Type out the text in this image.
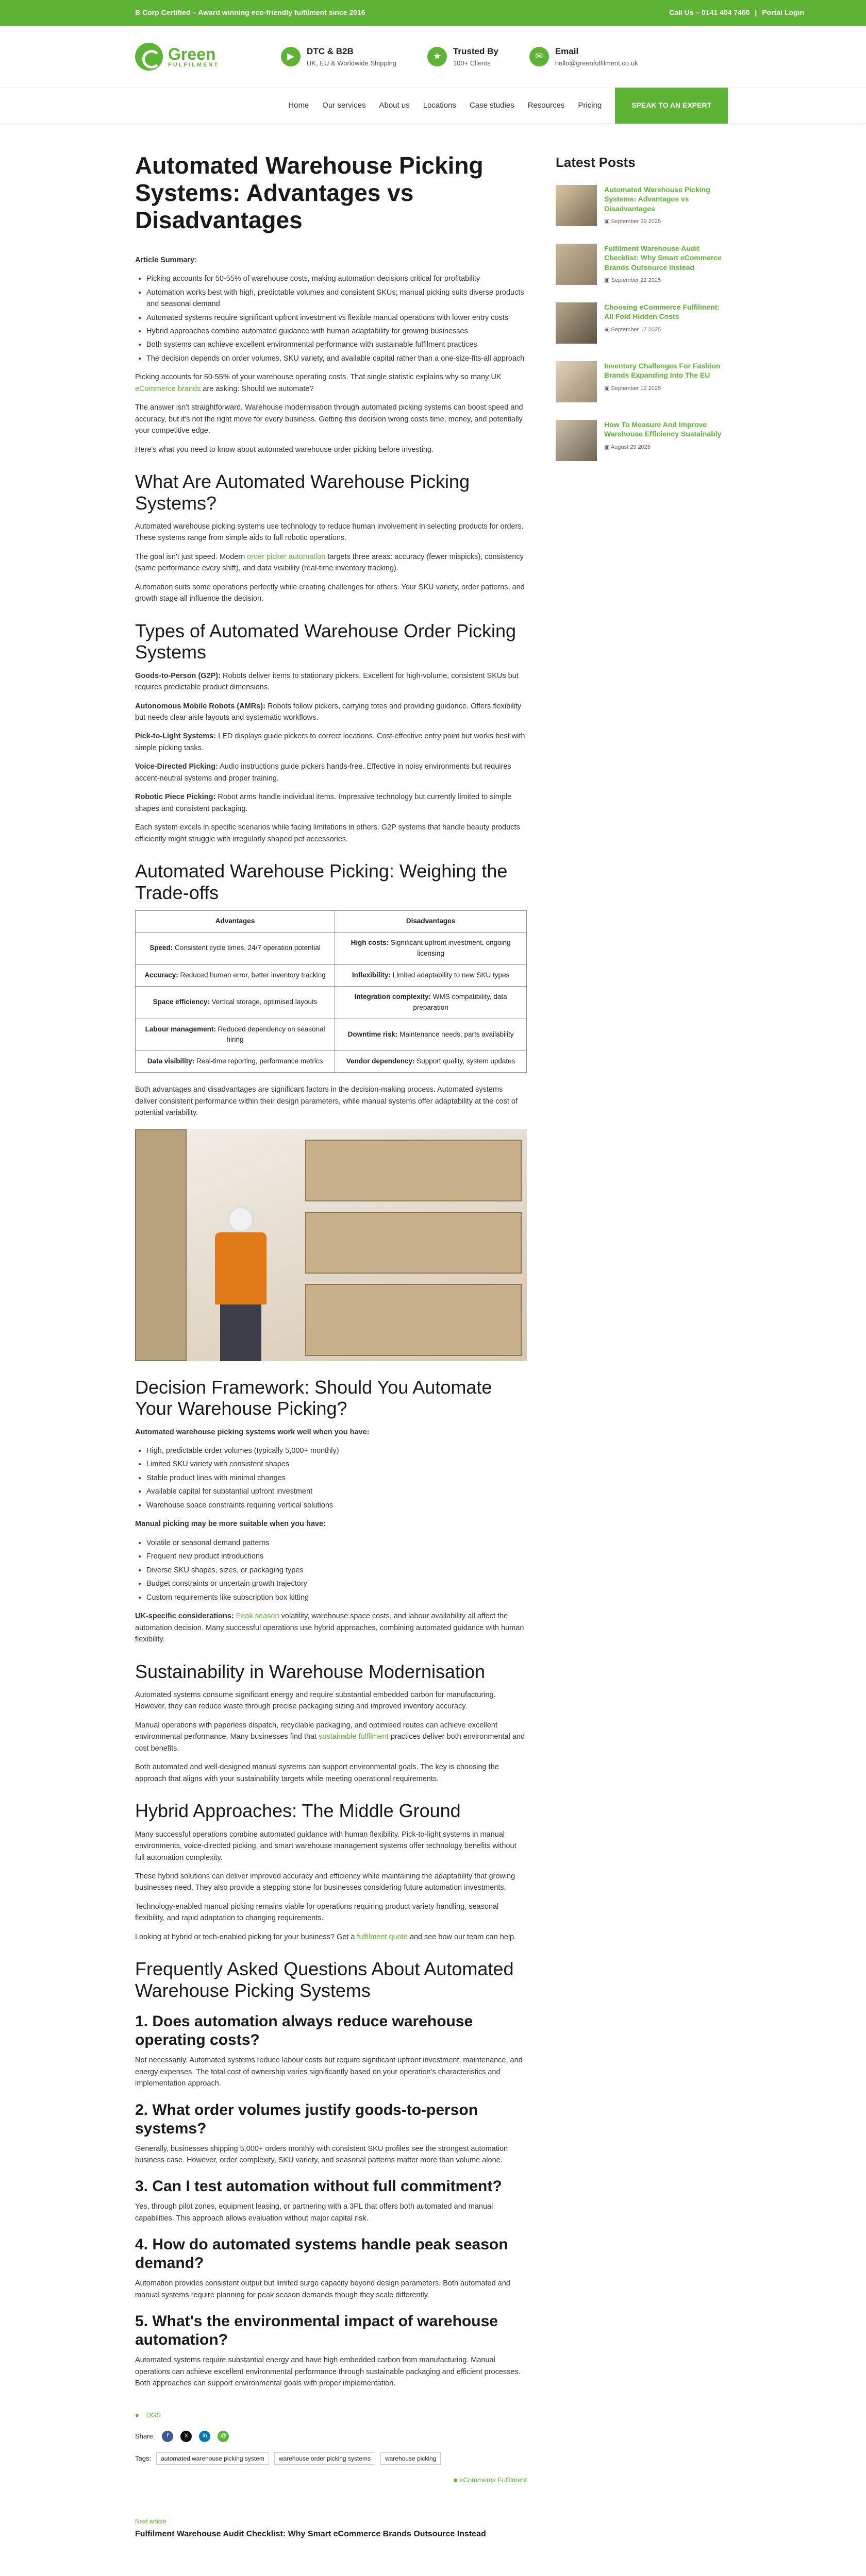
B Corp Certified – Award winning eco-friendly fulfilment since 2016	Call Us – 0141 404 7460 | Portal Login
Green
FULFILMENT
▶	DTC & B2B
UK, EU & Worldwide Shipping
★	Trusted By
100+ Clients
✉	Email
hello@greenfulfilment.co.uk
Home Our services About us Locations Case studies Resources Pricing	SPEAK TO AN EXPERT
Automated Warehouse Picking Systems: Advantages vs Disadvantages

Article Summary:

• Picking accounts for 50-55% of warehouse costs, making automation decisions critical for profitability
• Automation works best with high, predictable volumes and consistent SKUs; manual picking suits diverse products and seasonal demand
• Automated systems require significant upfront investment vs flexible manual operations with lower entry costs
• Hybrid approaches combine automated guidance with human adaptability for growing businesses
• Both systems can achieve excellent environmental performance with sustainable fulfilment practices
• The decision depends on order volumes, SKU variety, and available capital rather than a one-size-fits-all approach

Picking accounts for 50-55% of your warehouse operating costs. That single statistic explains why so many UK eCommerce brands are asking: Should we automate?

The answer isn't straightforward. Warehouse modernisation through automated picking systems can boost speed and accuracy, but it's not the right move for every business. Getting this decision wrong costs time, money, and potentially your competitive edge.

Here's what you need to know about automated warehouse order picking before investing.

What Are Automated Warehouse Picking Systems?

Automated warehouse picking systems use technology to reduce human involvement in selecting products for orders. These systems range from simple aids to full robotic operations.

The goal isn't just speed. Modern order picker automation targets three areas: accuracy (fewer mispicks), consistency (same performance every shift), and data visibility (real-time inventory tracking).

Automation suits some operations perfectly while creating challenges for others. Your SKU variety, order patterns, and growth stage all influence the decision.

Types of Automated Warehouse Order Picking Systems

Goods-to-Person (G2P): Robots deliver items to stationary pickers. Excellent for high-volume, consistent SKUs but requires predictable product dimensions.

Autonomous Mobile Robots (AMRs): Robots follow pickers, carrying totes and providing guidance. Offers flexibility but needs clear aisle layouts and systematic workflows.

Pick-to-Light Systems: LED displays guide pickers to correct locations. Cost-effective entry point but works best with simple picking tasks.

Voice-Directed Picking: Audio instructions guide pickers hands-free. Effective in noisy environments but requires accent-neutral systems and proper training.

Robotic Piece Picking: Robot arms handle individual items. Impressive technology but currently limited to simple shapes and consistent packaging.

Each system excels in specific scenarios while facing limitations in others. G2P systems that handle beauty products efficiently might struggle with irregularly shaped pet accessories.

Automated Warehouse Picking: Weighing the Trade-offs
Advantages	Disadvantages
Speed: Consistent cycle times, 24/7 operation potential	High costs: Significant upfront investment, ongoing licensing
Accuracy: Reduced human error, better inventory tracking	Inflexibility: Limited adaptability to new SKU types
Space efficiency: Vertical storage, optimised layouts	Integration complexity: WMS compatibility, data preparation
Labour management: Reduced dependency on seasonal hiring	Downtime risk: Maintenance needs, parts availability
Data visibility: Real-time reporting, performance metrics	Vendor dependency: Support quality, system updates

Both advantages and disadvantages are significant factors in the decision-making process. Automated systems deliver consistent performance within their design parameters, while manual systems offer adaptability at the cost of potential variability.

Decision Framework: Should You Automate Your Warehouse Picking?

Automated warehouse picking systems work well when you have:

• High, predictable order volumes (typically 5,000+ monthly)
• Limited SKU variety with consistent shapes
• Stable product lines with minimal changes
• Available capital for substantial upfront investment
• Warehouse space constraints requiring vertical solutions

Manual picking may be more suitable when you have:

• Volatile or seasonal demand patterns
• Frequent new product introductions
• Diverse SKU shapes, sizes, or packaging types
• Budget constraints or uncertain growth trajectory
• Custom requirements like subscription box kitting

UK-specific considerations: Peak season volatility, warehouse space costs, and labour availability all affect the automation decision. Many successful operations use hybrid approaches, combining automated guidance with human flexibility.

Sustainability in Warehouse Modernisation

Automated systems consume significant energy and require substantial embedded carbon for manufacturing. However, they can reduce waste through precise packaging sizing and improved inventory accuracy.

Manual operations with paperless dispatch, recyclable packaging, and optimised routes can achieve excellent environmental performance. Many businesses find that sustainable fulfilment practices deliver both environmental and cost benefits.

Both automated and well-designed manual systems can support environmental goals. The key is choosing the approach that aligns with your sustainability targets while meeting operational requirements.

Hybrid Approaches: The Middle Ground

Many successful operations combine automated guidance with human flexibility. Pick-to-light systems in manual environments, voice-directed picking, and smart warehouse management systems offer technology benefits without full automation complexity.

These hybrid solutions can deliver improved accuracy and efficiency while maintaining the adaptability that growing businesses need. They also provide a stepping stone for businesses considering future automation investments.

Technology-enabled manual picking remains viable for operations requiring product variety handling, seasonal flexibility, and rapid adaptation to changing requirements.

Looking at hybrid or tech-enabled picking for your business? Get a fulfilment quote and see how our team can help.

Frequently Asked Questions About Automated Warehouse Picking Systems
1. Does automation always reduce warehouse operating costs?

Not necessarily. Automated systems reduce labour costs but require significant upfront investment, maintenance, and energy expenses. The total cost of ownership varies significantly based on your operation's characteristics and implementation approach.

2. What order volumes justify goods-to-person systems?

Generally, businesses shipping 5,000+ orders monthly with consistent SKU profiles see the strongest automation business case. However, order complexity, SKU variety, and seasonal patterns matter more than volume alone.

3. Can I test automation without full commitment?

Yes, through pilot zones, equipment leasing, or partnering with a 3PL that offers both automated and manual capabilities. This approach allows evaluation without major capital risk.

4. How do automated systems handle peak season demand?

Automation provides consistent output but limited surge capacity beyond design parameters. Both automated and manual systems require planning for peak season demands though they scale differently.

5. What's the environmental impact of warehouse automation?

Automated systems require substantial energy and have high embedded carbon from manufacturing. Manual operations can achieve excellent environmental performance through sustainable packaging and efficient processes. Both approaches can support environmental goals with proper implementation.

● DGS
Share:	f	X	in	@
Tags:	automated warehouse picking system	warehouse order picking systems	warehouse picking
■ eCommerce Fulfilment
Next article
Fulfilment Warehouse Audit Checklist: Why Smart eCommerce Brands Outsource Instead
Latest Posts
Automated Warehouse Picking Systems: Advantages vs Disadvantages
▣ September 29 2025
Fulfilment Warehouse Audit Checklist: Why Smart eCommerce Brands Outsource Instead
▣ September 22 2025
Choosing eCommerce Fulfilment: All Fold Hidden Costs
▣ September 17 2025
Inventory Challenges For Fashion Brands Expanding Into The EU
▣ September 12 2025
How To Measure And Improve Warehouse Efficiency Sustainably
▣ August 29 2025
